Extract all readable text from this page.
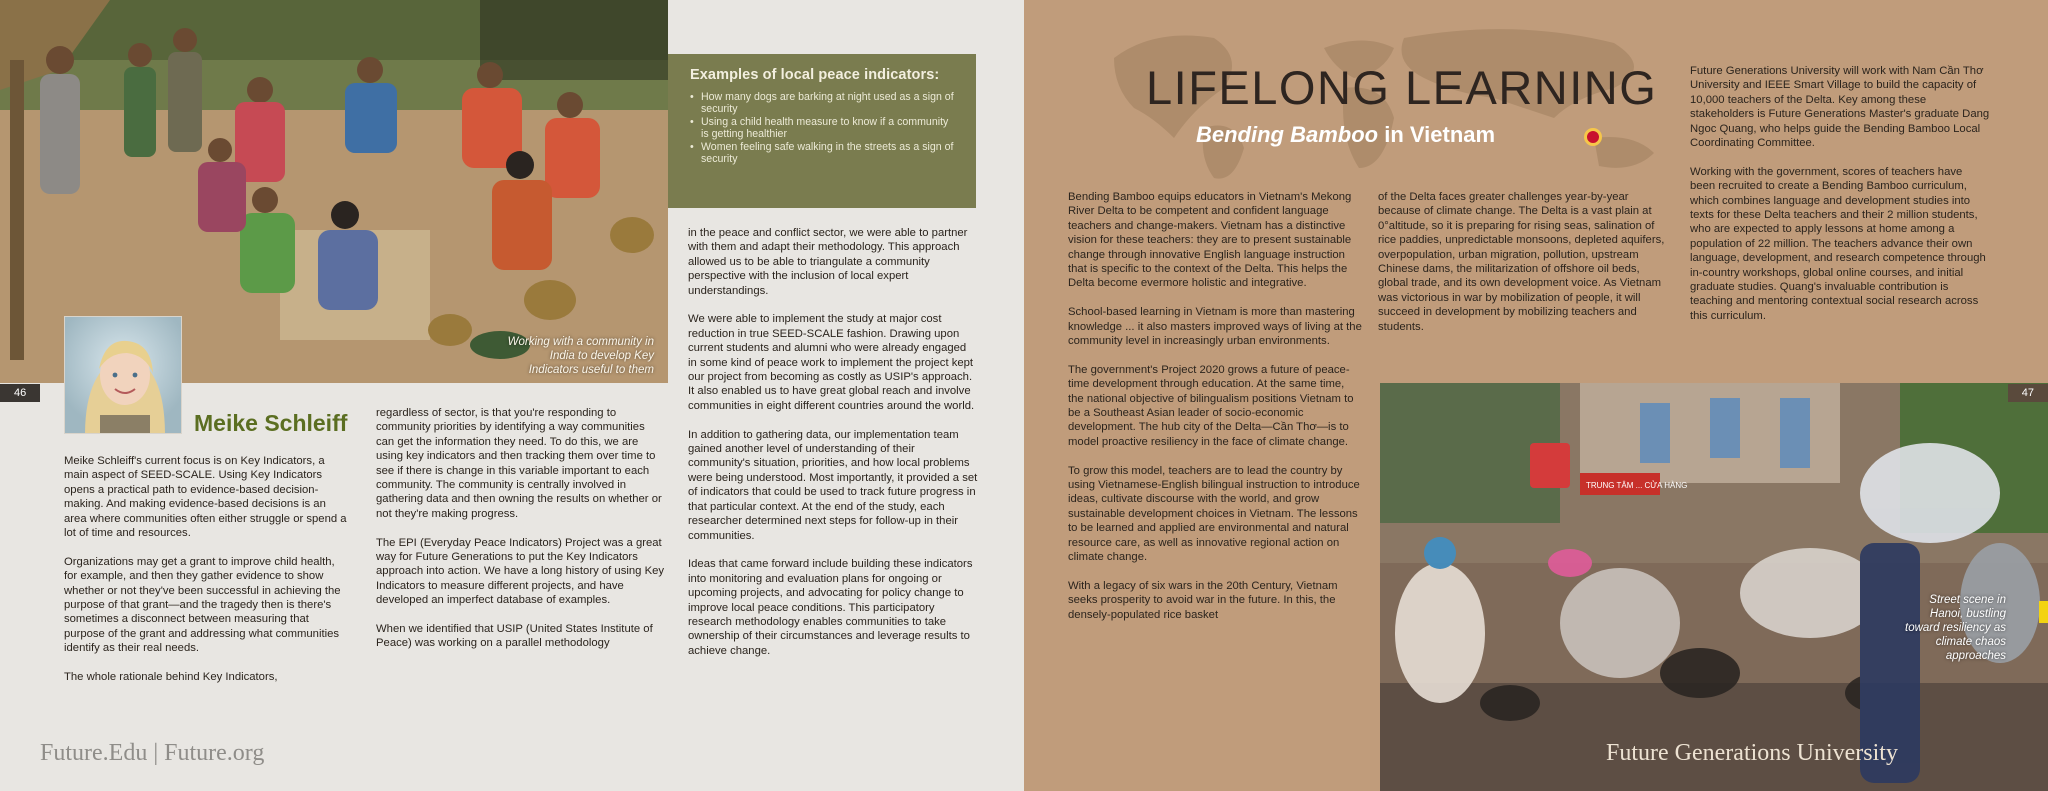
Working with a community in India to develop Key Indicators useful to them
Examples of local peace indicators:
• How many dogs are barking at night used as a sign of security
• Using a child health measure to know if a community is getting healthier
• Women feeling safe walking in the streets as a sign of security
46
Meike Schleiff

Meike Schleiff's current focus is on Key Indicators, a main aspect of SEED-SCALE. Using Key Indicators opens a practical path to evidence-based decision-making. And making evidence-based decisions is an area where communities often either struggle or spend a lot of time and resources.

Organizations may get a grant to improve child health, for example, and then they gather evidence to show whether or not they've been successful in achieving the purpose of that grant—and the tragedy then is there's sometimes a disconnect between measuring that purpose of the grant and addressing what communities identify as their real needs.

The whole rationale behind Key Indicators,

regardless of sector, is that you're responding to community priorities by identifying a way communities can get the information they need. To do this, we are using key indicators and then tracking them over time to see if there is change in this variable important to each community. The community is centrally involved in gathering data and then owning the results on whether or not they're making progress.

The EPI (Everyday Peace Indicators) Project was a great way for Future Generations to put the Key Indicators approach into action. We have a long history of using Key Indicators to measure different projects, and have developed an imperfect database of examples.

When we identified that USIP (United States Institute of Peace) was working on a parallel methodology

in the peace and conflict sector, we were able to partner with them and adapt their methodology. This approach allowed us to be able to triangulate a community perspective with the inclusion of local expert understandings.

We were able to implement the study at major cost reduction in true SEED-SCALE fashion. Drawing upon current students and alumni who were already engaged in some kind of peace work to implement the project kept our project from becoming as costly as USIP's approach. It also enabled us to have great global reach and involve communities in eight different countries around the world.

In addition to gathering data, our implementation team gained another level of understanding of their community's situation, priorities, and how local problems were being understood. Most importantly, it provided a set of indicators that could be used to track future progress in that particular context. At the end of the study, each researcher determined next steps for follow-up in their communities.

Ideas that came forward include building these indicators into monitoring and evaluation plans for ongoing or upcoming projects, and advocating for policy change to improve local peace conditions. This participatory research methodology enables communities to take ownership of their circumstances and leverage results to achieve change.

Future.Edu | Future.org
LIFELONG LEARNING
Bending Bamboo in Vietnam

Bending Bamboo equips educators in Vietnam's Mekong River Delta to be competent and confident language teachers and change-makers. Vietnam has a distinctive vision for these teachers: they are to present sustainable change through innovative English language instruction that is specific to the context of the Delta. This helps the Delta become evermore holistic and integrative.

School-based learning in Vietnam is more than mastering knowledge ... it also masters improved ways of living at the community level in increasingly urban environments.

The government's Project 2020 grows a future of peace-time development through education. At the same time, the national objective of bilingualism positions Vietnam to be a Southeast Asian leader of socio-economic development. The hub city of the Delta—Cần Thơ—is to model proactive resiliency in the face of climate change.

To grow this model, teachers are to lead the country by using Vietnamese-English bilingual instruction to introduce ideas, cultivate discourse with the world, and grow sustainable development choices in Vietnam. The lessons to be learned and applied are environmental and natural resource care, as well as innovative regional action on climate change.

With a legacy of six wars in the 20th Century, Vietnam seeks prosperity to avoid war in the future. In this, the densely-populated rice basket

of the Delta faces greater challenges year-by-year because of climate change. The Delta is a vast plain at 0°altitude, so it is preparing for rising seas, salination of rice paddies, unpredictable monsoons, depleted aquifers, overpopulation, urban migration, pollution, upstream Chinese dams, the militarization of offshore oil beds, global trade, and its own development voice. As Vietnam was victorious in war by mobilization of people, it will succeed in development by mobilizing teachers and students.

Future Generations University will work with Nam Cần Thơ University and IEEE Smart Village to build the capacity of 10,000 teachers of the Delta. Key among these stakeholders is Future Generations Master's graduate Dang Ngoc Quang, who helps guide the Bending Bamboo Local Coordinating Committee.

Working with the government, scores of teachers have been recruited to create a Bending Bamboo curriculum, which combines language and development studies into texts for these Delta teachers and their 2 million students, who are expected to apply lessons at home among a population of 22 million. The teachers advance their own language, development, and research competence through in-country workshops, global online courses, and initial graduate studies. Quang's invaluable contribution is teaching and mentoring contextual social research across this curriculum.

TRUNG TÂM ... CỬA HÀNG
Street scene in Hanoi, bustling toward resiliency as climate chaos approaches
47
Future Generations University
